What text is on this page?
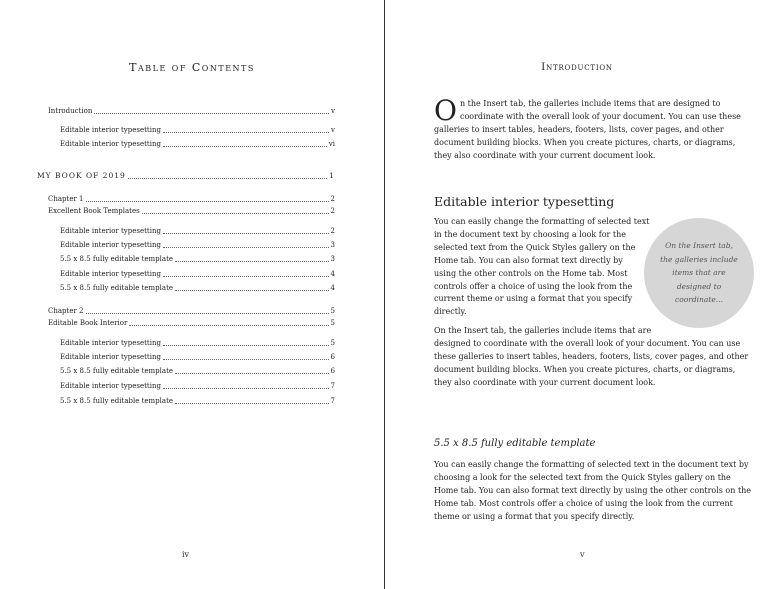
Table of Contents
Introduction	v
Editable interior typesetting	v
Editable interior typesetting	vi
MY BOOK OF 2019	1
Chapter 1	2
Excellent Book Templates	2
Editable interior typesetting	2
Editable interior typesetting	3
5.5 x 8.5 fully editable template	3
Editable interior typesetting	4
5.5 x 8.5 fully editable template	4
Chapter 2	5
Editable Book Interior	5
Editable interior typesetting	5
Editable interior typesetting	6
5.5 x 8.5 fully editable template	6
Editable interior typesetting	7
5.5 x 8.5 fully editable template	7
iv
Introduction
On the Insert tab, the galleries include items that are designed to coordinate with the overall look of your document. You can use these galleries to insert tables, headers, footers, lists, cover pages, and other document building blocks. When you create pictures, charts, or diagrams, they also coordinate with your current document look.
Editable interior typesetting
On the Insert tab, the galleries include items that are designed to coordinate...

You can easily change the formatting of selected text in the document text by choosing a look for the selected text from the Quick Styles gallery on the Home tab. You can also format text directly by using the other controls on the Home tab. Most controls offer a choice of using the look from the current theme or using a format that you specify directly.

On the Insert tab, the galleries include items that are designed to coordinate with the overall look of your document. You can use these galleries to insert tables, headers, footers, lists, cover pages, and other document building blocks. When you create pictures, charts, or diagrams, they also coordinate with your current document look.

5.5 x 8.5 fully editable template
You can easily change the formatting of selected text in the document text by choosing a look for the selected text from the Quick Styles gallery on the Home tab. You can also format text directly by using the other controls on the Home tab. Most controls offer a choice of using the look from the current theme or using a format that you specify directly.
v
